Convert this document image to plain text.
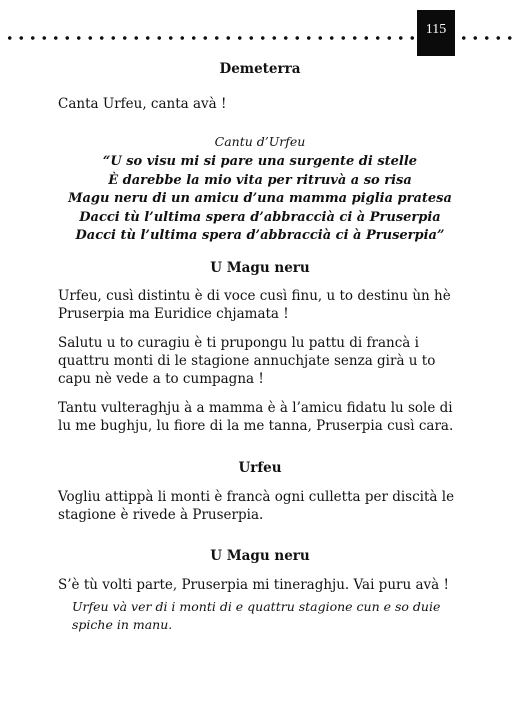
115

Demeterra

Canta Urfeu, canta avà !

Cantu d’Urfeu

“U so visu mi si pare una surgente di stelle

È darebbe la mio vita per ritruvà a so risa

Magu neru di un amicu d’una mamma piglia pratesa

Dacci tù l’ultima spera d’abbraccià ci à Pruserpia

Dacci tù l’ultima spera d’abbraccià ci à Pruserpia”

U Magu neru

Urfeu, cusì distintu è di voce cusì finu, u to destinu ùn hè Pruserpia ma Euridice chjamata !

Salutu u to curagiu è ti prupongu lu pattu di francà i quattru monti di le stagione annuchjate senza girà u to capu nè vede a to cumpagna !

Tantu vulteraghju à a mamma è à l’amicu fidatu lu sole di lu me bughju, lu fiore di la me tanna, Pruserpia cusì cara.

Urfeu

Vogliu attippà li monti è francà ogni culletta per discità le stagione è rivede à Pruserpia.

U Magu neru

S’è tù volti parte, Pruserpia mi tineraghju. Vai puru avà !

Urfeu và ver di i monti di e quattru stagione cun e so duie spiche in manu.
